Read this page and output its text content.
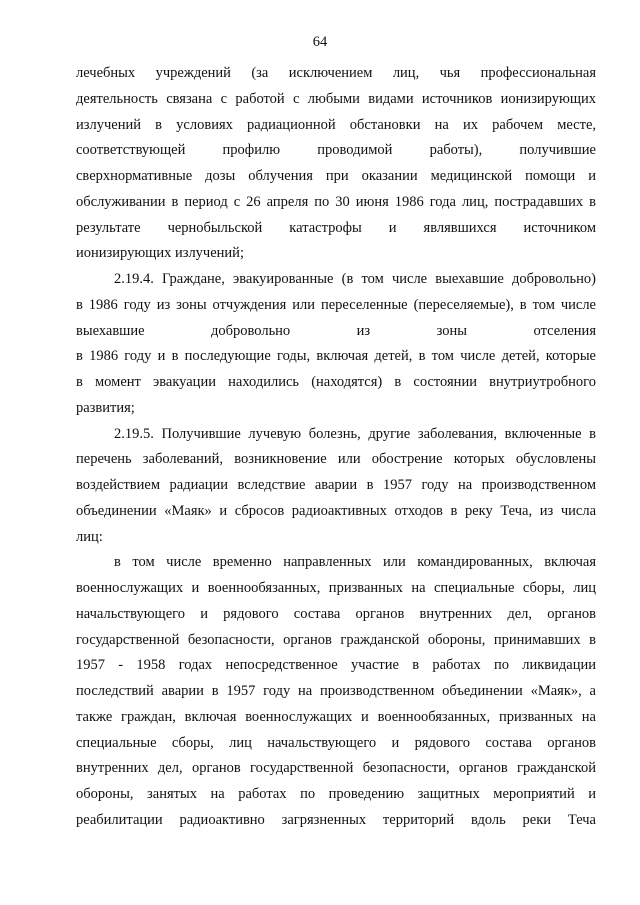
64

лечебных учреждений (за исключением лиц, чья профессиональная
деятельность связана с работой с любыми видами источников ионизирующих
излучений в условиях радиационной обстановки на их рабочем месте,
соответствующей профилю проводимой работы), получившие
сверхнормативные дозы облучения при оказании медицинской помощи и
обслуживании в период с 26 апреля по 30 июня 1986 года лиц, пострадавших в
результате чернобыльской катастрофы и являвшихся источником
ионизирующих излучений;

2.19.4. Граждане, эвакуированные (в том числе выехавшие добровольно)
в 1986 году из зоны отчуждения или переселенные (переселяемые), в том числе
выехавшие добровольно из зоны отселения
в 1986 году и в последующие годы, включая детей, в том числе детей, которые
в момент эвакуации находились (находятся) в состоянии внутриутробного
развития;

2.19.5. Получившие лучевую болезнь, другие заболевания, включенные в
перечень заболеваний, возникновение или обострение которых обусловлены
воздействием радиации вследствие аварии в 1957 году на производственном
объединении «Маяк» и сбросов радиоактивных отходов в реку Теча, из числа
лиц:

в том числе временно направленных или командированных, включая
военнослужащих и военнообязанных, призванных на специальные сборы, лиц
начальствующего и рядового состава органов внутренних дел, органов
государственной безопасности, органов гражданской обороны, принимавших в
1957 - 1958 годах непосредственное участие в работах по ликвидации
последствий аварии в 1957 году на производственном объединении «Маяк», а
также граждан, включая военнослужащих и военнообязанных, призванных на
специальные сборы, лиц начальствующего и рядового состава органов
внутренних дел, органов государственной безопасности, органов гражданской
обороны, занятых на работах по проведению защитных мероприятий и
реабилитации радиоактивно загрязненных территорий вдоль реки Теча
